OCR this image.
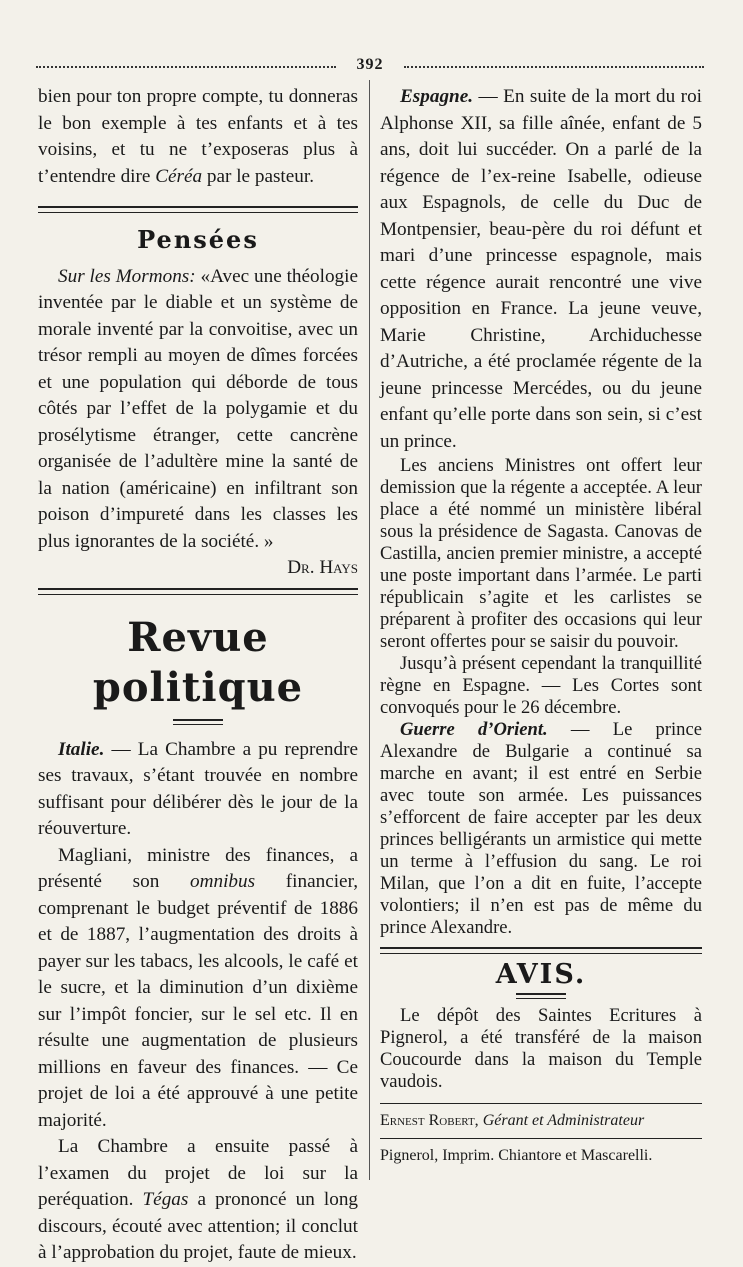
392

bien pour ton propre compte, tu donneras le bon exemple à tes enfants et à tes voisins, et tu ne t’exposeras plus à t’entendre dire Céréa par le pasteur.

Pensées

Sur les Mormons: «Avec une théologie inventée par le diable et un système de morale inventé par la convoitise, avec un trésor rempli au moyen de dîmes forcées et une population qui déborde de tous côtés par l’effet de la polygamie et du prosélytisme étranger, cette cancrène organisée de l’adultère mine la santé de la nation (américaine) en infiltrant son poison d’impureté dans les classes les plus ignorantes de la société. »

Dr. Hays
Revue politique

Italie. — La Chambre a pu reprendre ses travaux, s’étant trouvée en nombre suffisant pour délibérer dès le jour de la réouverture.

Magliani, ministre des finances, a présenté son omnibus financier, comprenant le budget préventif de 1886 et de 1887, l’augmentation des droits à payer sur les tabacs, les alcools, le café et le sucre, et la diminution d’un dixième sur l’impôt foncier, sur le sel etc. Il en résulte une augmentation de plusieurs millions en faveur des finances. — Ce projet de loi a été approuvé à une petite majorité.

La Chambre a ensuite passé à l’examen du projet de loi sur la peréquation. Tégas a prononcé un long discours, écouté avec attention; il conclut à l’approbation du projet, faute de mieux.

Espagne. — En suite de la mort du roi Alphonse XII, sa fille aînée, enfant de 5 ans, doit lui succéder. On a parlé de la régence de l’ex-reine Isabelle, odieuse aux Espagnols, de celle du Duc de Montpensier, beau-père du roi défunt et mari d’une princesse espagnole, mais cette régence aurait rencontré une vive opposition en France. La jeune veuve, Marie Christine, Archiduchesse d’Autriche, a été proclamée régente de la jeune princesse Mercédes, ou du jeune enfant qu’elle porte dans son sein, si c’est un prince.

Les anciens Ministres ont offert leur demission que la régente a acceptée. A leur place a été nommé un ministère libéral sous la présidence de Sagasta. Canovas de Castilla, ancien premier ministre, a accepté une poste important dans l’armée. Le parti républicain s’agite et les carlistes se préparent à profiter des occasions qui leur seront offertes pour se saisir du pouvoir.

Jusqu’à présent cependant la tranquillité règne en Espagne. — Les Cortes sont convoqués pour le 26 décembre.

Guerre d’Orient. — Le prince Alexandre de Bulgarie a continué sa marche en avant; il est entré en Serbie avec toute son armée. Les puissances s’efforcent de faire accepter par les deux princes belligérants un armistice qui mette un terme à l’effusion du sang. Le roi Milan, que l’on a dit en fuite, l’accepte volontiers; il n’en est pas de même du prince Alexandre.

AVIS.

Le dépôt des Saintes Ecritures à Pignerol, a été transféré de la maison Coucourde dans la maison du Temple vaudois.

Ernest Robert, Gérant et Administrateur

Pignerol, Imprim. Chiantore et Mascarelli.
